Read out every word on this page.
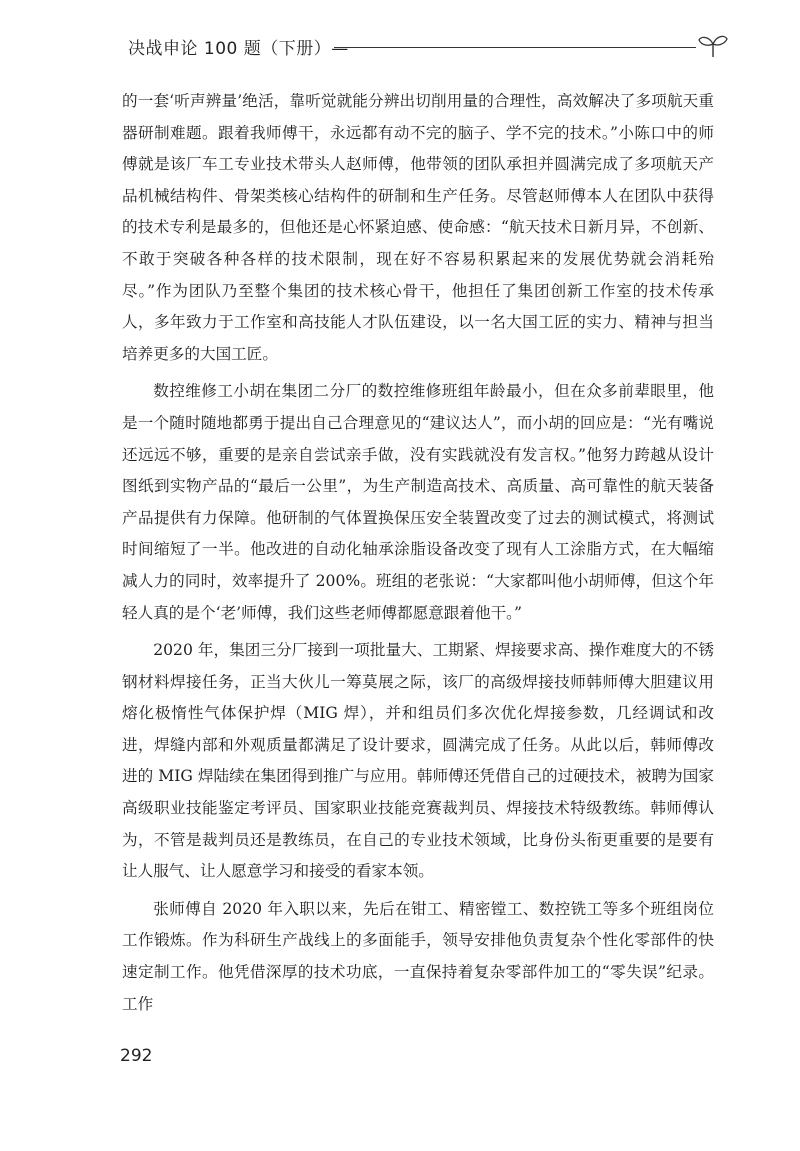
决战申论 100 题（下册）—

的一套‘听声辨量’绝活，靠听觉就能分辨出切削用量的合理性，高效解决了多项航天重器研制难题。跟着我师傅干，永远都有动不完的脑子、学不完的技术。”小陈口中的师傅就是该厂车工专业技术带头人赵师傅，他带领的团队承担并圆满完成了多项航天产品机械结构件、骨架类核心结构件的研制和生产任务。尽管赵师傅本人在团队中获得的技术专利是最多的，但他还是心怀紧迫感、使命感：“航天技术日新月异，不创新、不敢于突破各种各样的技术限制，现在好不容易积累起来的发展优势就会消耗殆尽。”作为团队乃至整个集团的技术核心骨干，他担任了集团创新工作室的技术传承人，多年致力于工作室和高技能人才队伍建设，以一名大国工匠的实力、精神与担当培养更多的大国工匠。

数控维修工小胡在集团二分厂的数控维修班组年龄最小，但在众多前辈眼里，他是一个随时随地都勇于提出自己合理意见的“建议达人”，而小胡的回应是：“光有嘴说还远远不够，重要的是亲自尝试亲手做，没有实践就没有发言权。”他努力跨越从设计图纸到实物产品的“最后一公里”，为生产制造高技术、高质量、高可靠性的航天装备产品提供有力保障。他研制的气体置换保压安全装置改变了过去的测试模式，将测试时间缩短了一半。他改进的自动化轴承涂脂设备改变了现有人工涂脂方式，在大幅缩减人力的同时，效率提升了 200%。班组的老张说：“大家都叫他小胡师傅，但这个年轻人真的是个‘老’师傅，我们这些老师傅都愿意跟着他干。”

2020 年，集团三分厂接到一项批量大、工期紧、焊接要求高、操作难度大的不锈钢材料焊接任务，正当大伙儿一筹莫展之际，该厂的高级焊接技师韩师傅大胆建议用熔化极惰性气体保护焊（MIG 焊），并和组员们多次优化焊接参数，几经调试和改进，焊缝内部和外观质量都满足了设计要求，圆满完成了任务。从此以后，韩师傅改进的 MIG 焊陆续在集团得到推广与应用。韩师傅还凭借自己的过硬技术，被聘为国家高级职业技能鉴定考评员、国家职业技能竞赛裁判员、焊接技术特级教练。韩师傅认为，不管是裁判员还是教练员，在自己的专业技术领域，比身份头衔更重要的是要有让人服气、让人愿意学习和接受的看家本领。

张师傅自 2020 年入职以来，先后在钳工、精密镗工、数控铣工等多个班组岗位工作锻炼。作为科研生产战线上的多面能手，领导安排他负责复杂个性化零部件的快速定制工作。他凭借深厚的技术功底，一直保持着复杂零部件加工的“零失误”纪录。工作

292
